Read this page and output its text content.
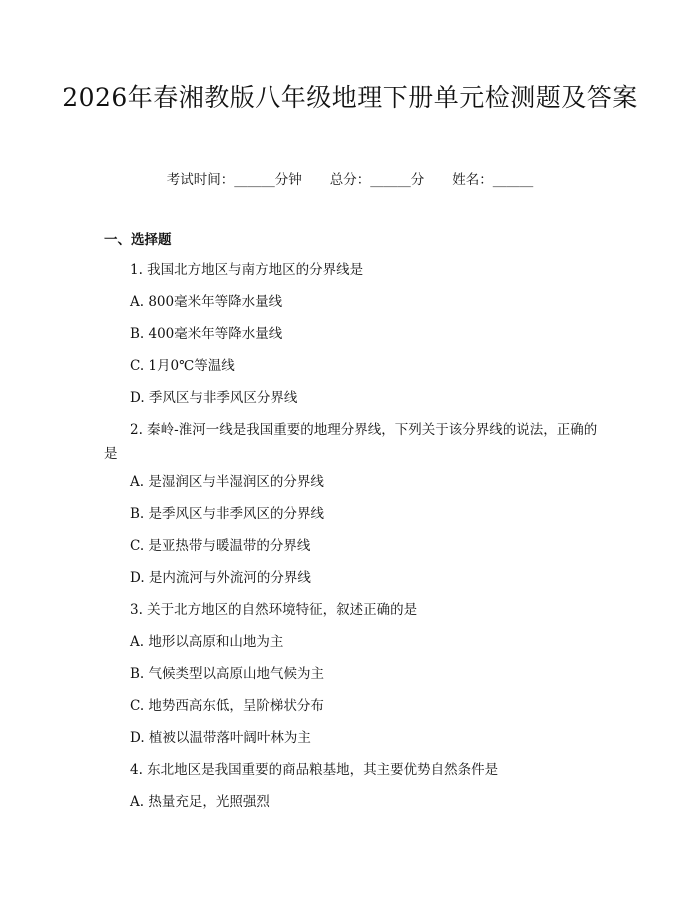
2026年春湘教版八年级地理下册单元检测题及答案
考试时间：______分钟 总分：______分 姓名：______
一、选择题
1. 我国北方地区与南方地区的分界线是
A. 800毫米年等降水量线
B. 400毫米年等降水量线
C. 1月0℃等温线
D. 季风区与非季风区分界线
2. 秦岭-淮河一线是我国重要的地理分界线，下列关于该分界线的说法，正确的是
A. 是湿润区与半湿润区的分界线
B. 是季风区与非季风区的分界线
C. 是亚热带与暖温带的分界线
D. 是内流河与外流河的分界线
3. 关于北方地区的自然环境特征，叙述正确的是
A. 地形以高原和山地为主
B. 气候类型以高原山地气候为主
C. 地势西高东低，呈阶梯状分布
D. 植被以温带落叶阔叶林为主
4. 东北地区是我国重要的商品粮基地，其主要优势自然条件是
A. 热量充足，光照强烈
